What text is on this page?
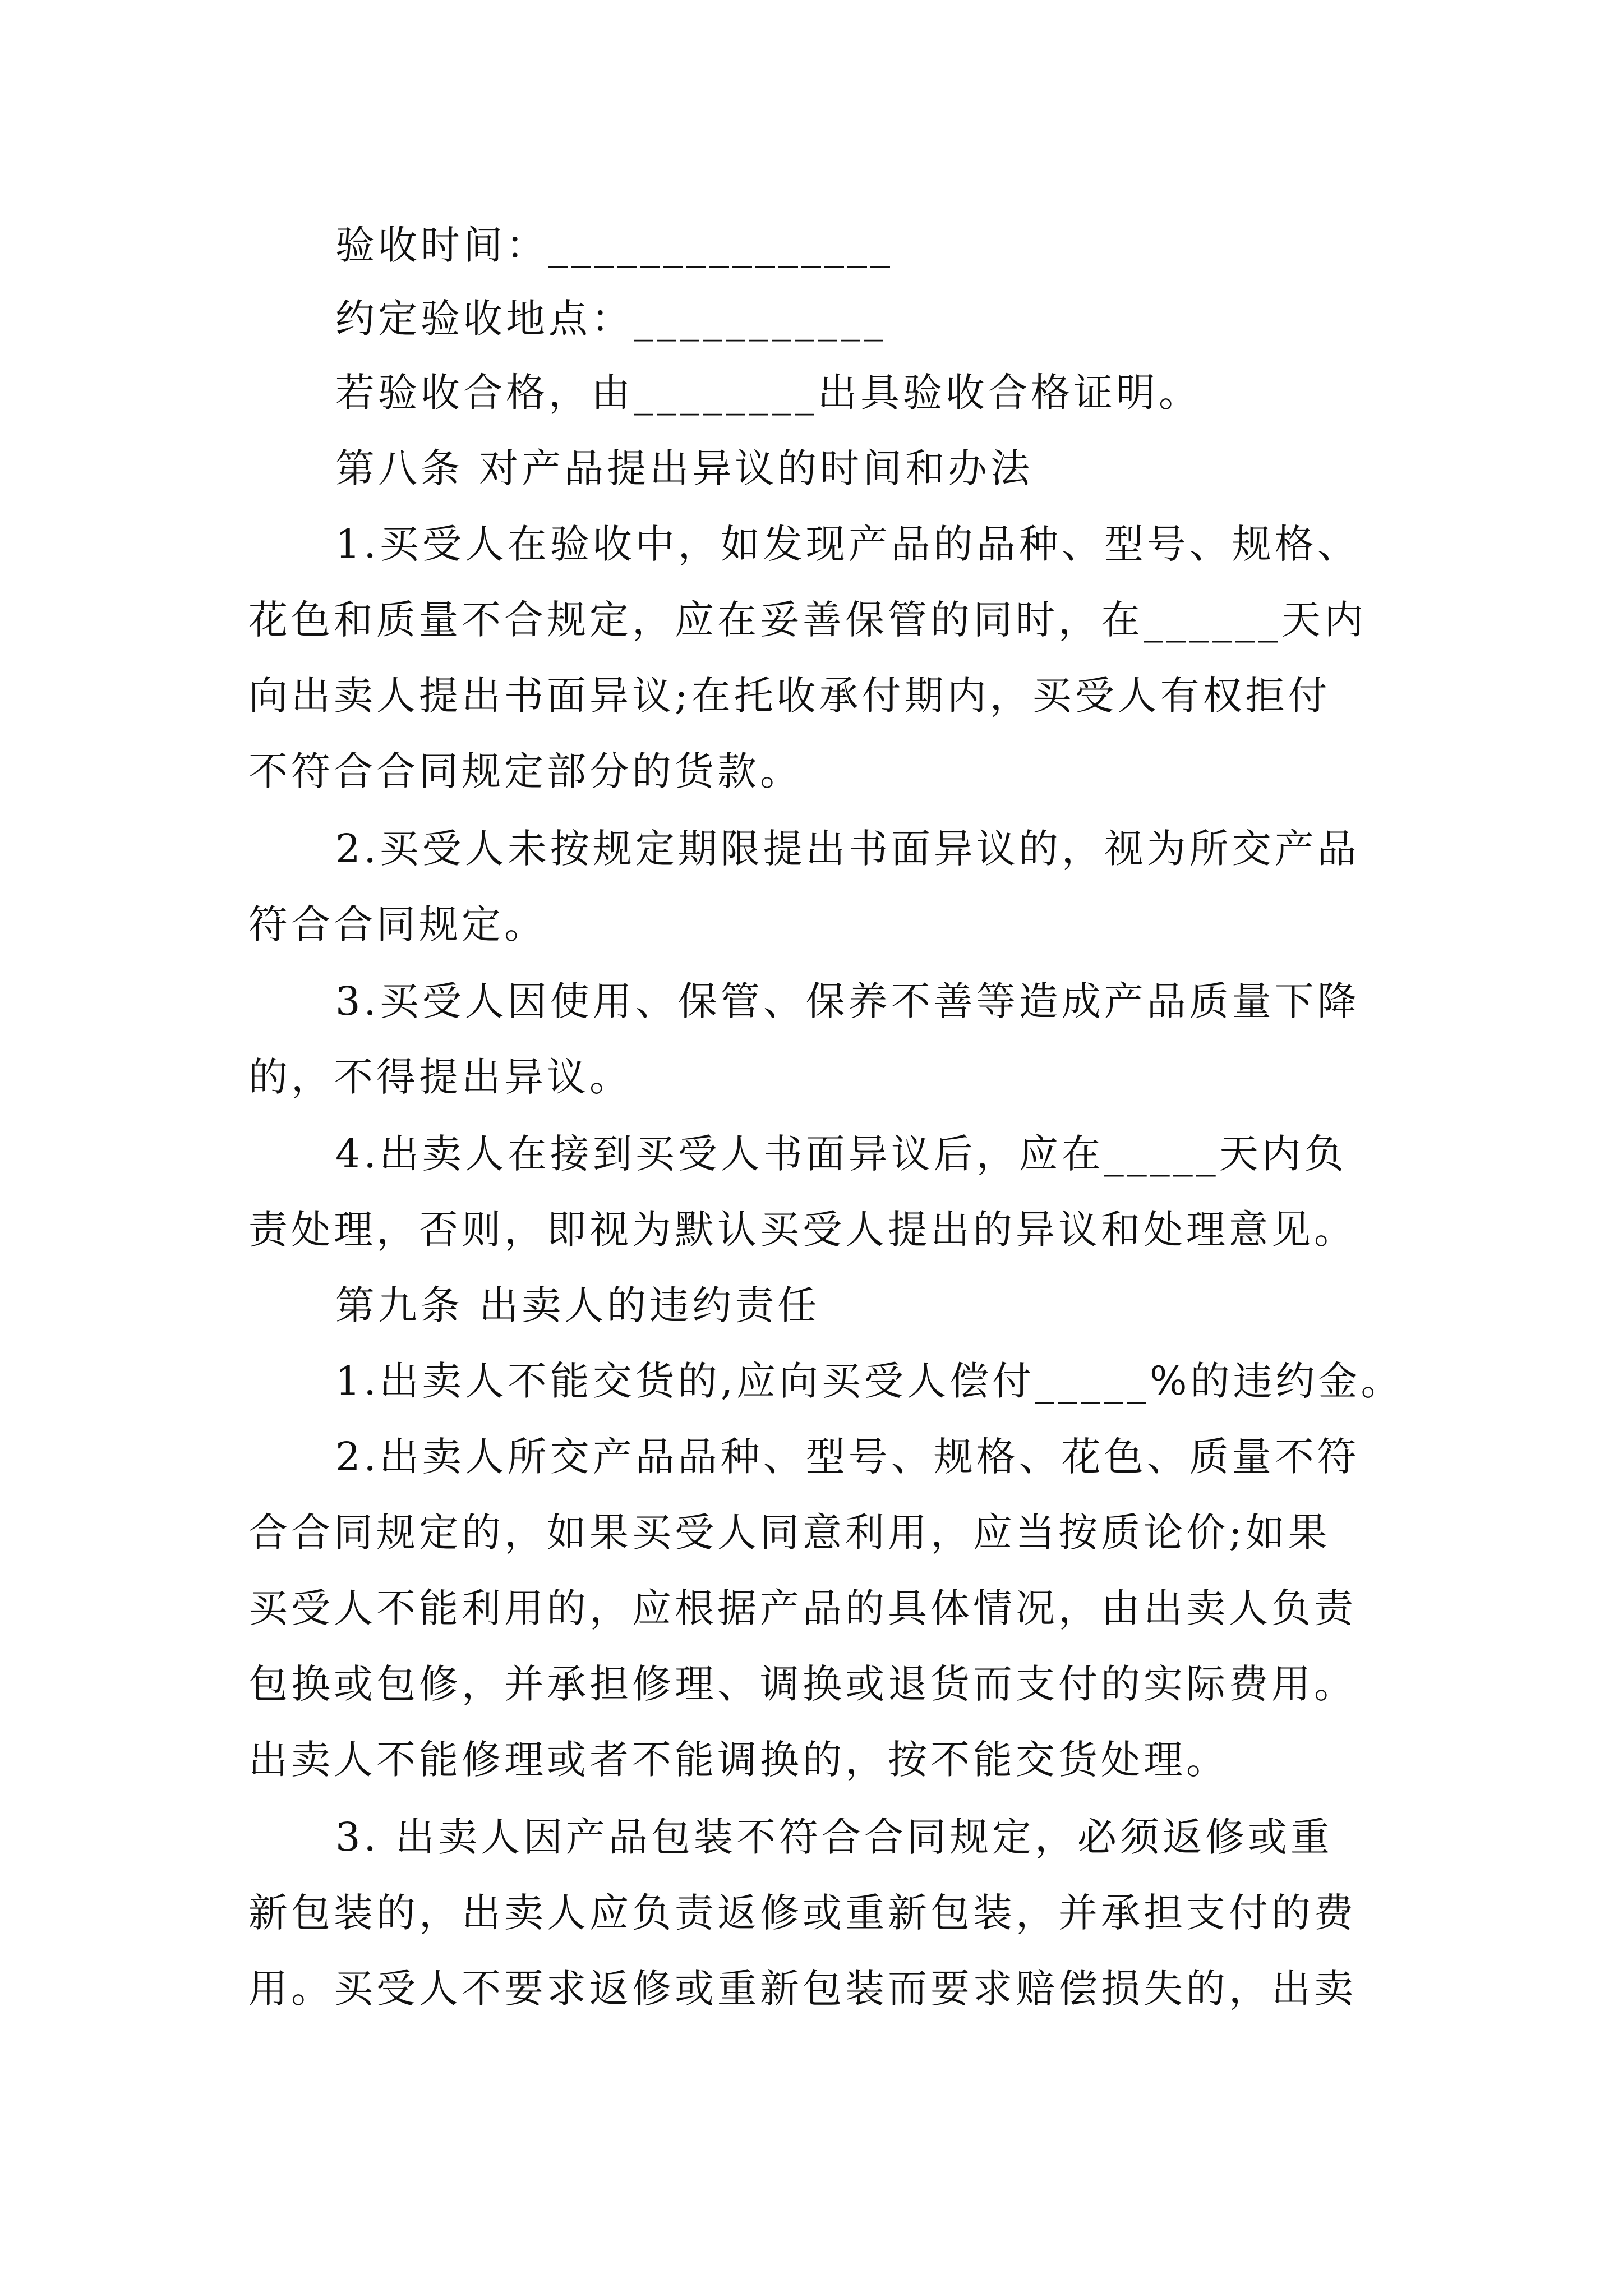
验收时间：_______________
约定验收地点：___________
若验收合格，由________出具验收合格证明。
第八条 对产品提出异议的时间和办法
1.买受人在验收中，如发现产品的品种、型号、规格、
花色和质量不合规定，应在妥善保管的同时，在______天内
向出卖人提出书面异议;在托收承付期内，买受人有权拒付
不符合合同规定部分的货款。
2.买受人未按规定期限提出书面异议的，视为所交产品
符合合同规定。
3.买受人因使用、保管、保养不善等造成产品质量下降
的，不得提出异议。
4.出卖人在接到买受人书面异议后，应在_____天内负
责处理，否则，即视为默认买受人提出的异议和处理意见。
第九条 出卖人的违约责任
1.出卖人不能交货的,应向买受人偿付_____%的违约金。
2.出卖人所交产品品种、型号、规格、花色、质量不符
合合同规定的，如果买受人同意利用，应当按质论价;如果
买受人不能利用的，应根据产品的具体情况，由出卖人负责
包换或包修，并承担修理、调换或退货而支付的实际费用。
出卖人不能修理或者不能调换的，按不能交货处理。
3. 出卖人因产品包装不符合合同规定，必须返修或重
新包装的，出卖人应负责返修或重新包装，并承担支付的费
用。买受人不要求返修或重新包装而要求赔偿损失的，出卖
